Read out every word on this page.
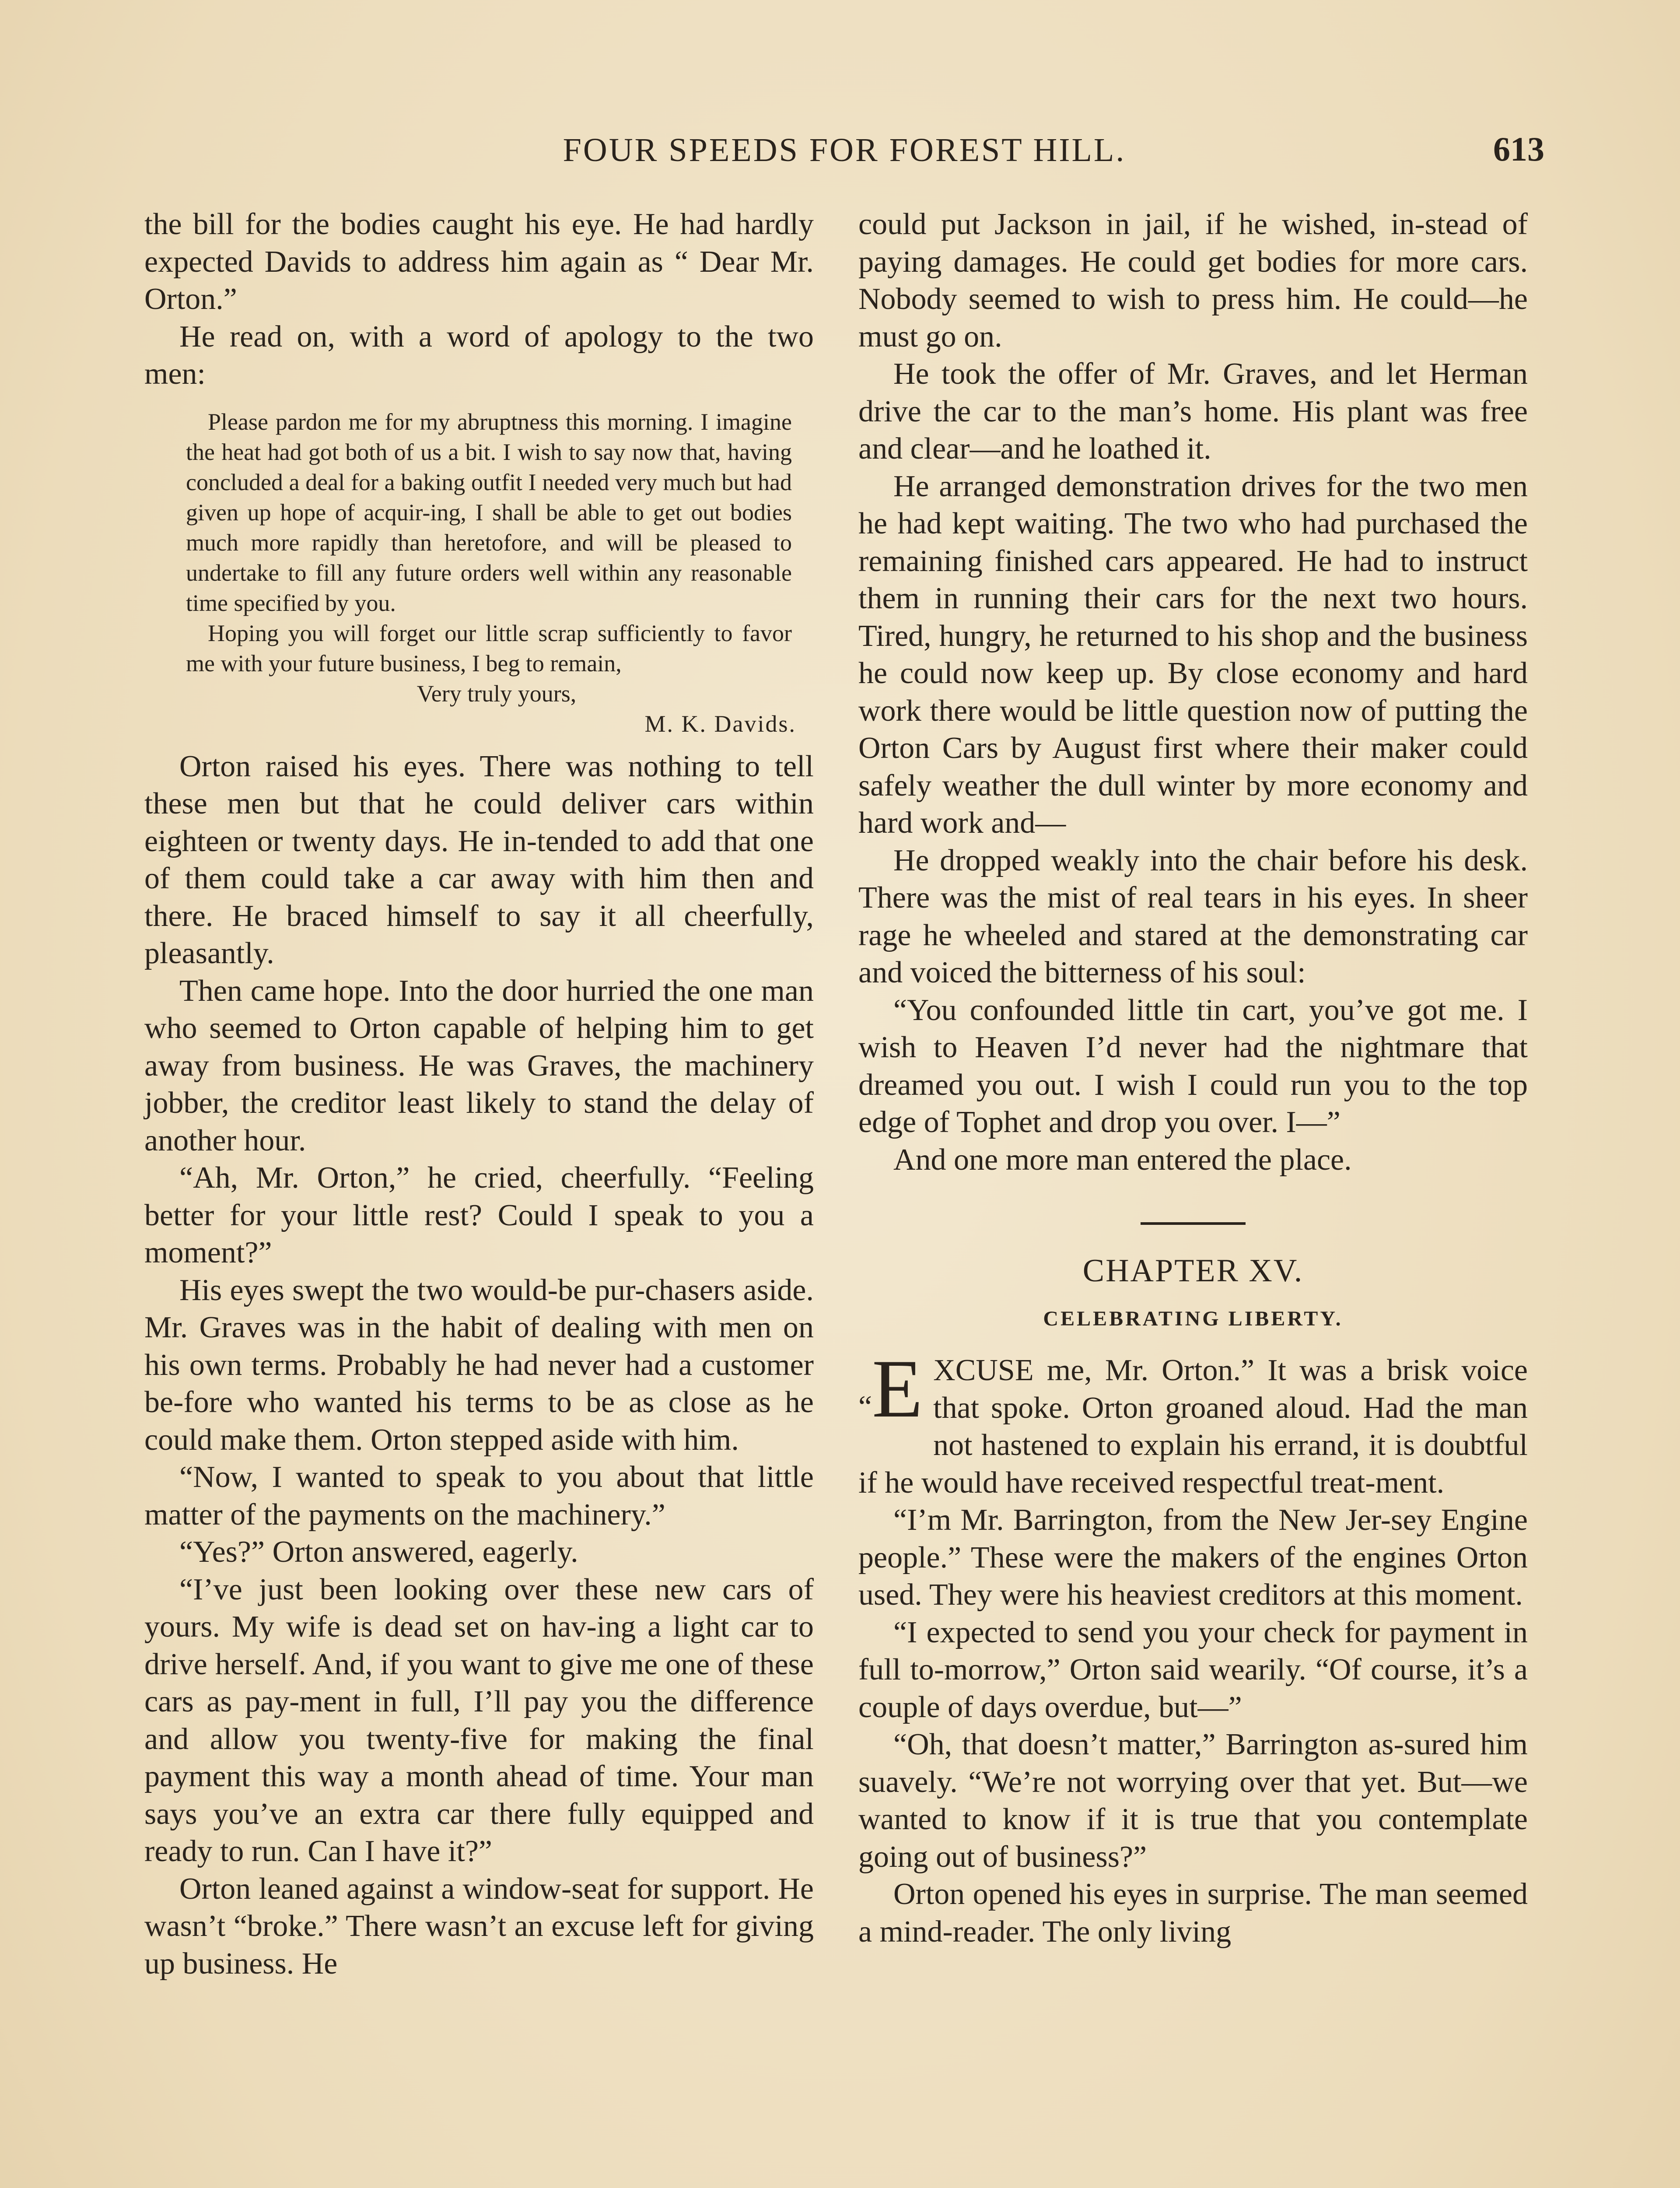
FOUR SPEEDS FOR FOREST HILL.	613

the bill for the bodies caught his eye. He had hardly expected Davids to address him again as “ Dear Mr. Orton.”

He read on, with a word of apology to the two men:

Please pardon me for my abruptness this morning. I imagine the heat had got both of us a bit. I wish to say now that, having concluded a deal for a baking outfit I needed very much but had given up hope of acquir-ing, I shall be able to get out bodies much more rapidly than heretofore, and will be pleased to undertake to fill any future orders well within any reasonable time specified by you.

Hoping you will forget our little scrap sufficiently to favor me with your future business, I beg to remain,

Very truly yours,
M. K. Davids.

Orton raised his eyes. There was nothing to tell these men but that he could deliver cars within eighteen or twenty days. He in-tended to add that one of them could take a car away with him then and there. He braced himself to say it all cheerfully, pleasantly.

Then came hope. Into the door hurried the one man who seemed to Orton capable of helping him to get away from business. He was Graves, the machinery jobber, the creditor least likely to stand the delay of another hour.

“Ah, Mr. Orton,” he cried, cheerfully. “Feeling better for your little rest? Could I speak to you a moment?”

His eyes swept the two would-be pur-chasers aside. Mr. Graves was in the habit of dealing with men on his own terms. Probably he had never had a customer be-fore who wanted his terms to be as close as he could make them. Orton stepped aside with him.

“Now, I wanted to speak to you about that little matter of the payments on the machinery.”

“Yes?” Orton answered, eagerly.

“I’ve just been looking over these new cars of yours. My wife is dead set on hav-ing a light car to drive herself. And, if you want to give me one of these cars as pay-ment in full, I’ll pay you the difference and allow you twenty-five for making the final payment this way a month ahead of time. Your man says you’ve an extra car there fully equipped and ready to run. Can I have it?”

Orton leaned against a window-seat for support. He wasn’t “broke.” There wasn’t an excuse left for giving up business. He

could put Jackson in jail, if he wished, in-stead of paying damages. He could get bodies for more cars. Nobody seemed to wish to press him. He could—he must go on.

He took the offer of Mr. Graves, and let Herman drive the car to the man’s home. His plant was free and clear—and he loathed it.

He arranged demonstration drives for the two men he had kept waiting. The two who had purchased the remaining finished cars appeared. He had to instruct them in running their cars for the next two hours. Tired, hungry, he returned to his shop and the business he could now keep up. By close economy and hard work there would be little question now of putting the Orton Cars by August first where their maker could safely weather the dull winter by more economy and hard work and—

He dropped weakly into the chair before his desk. There was the mist of real tears in his eyes. In sheer rage he wheeled and stared at the demonstrating car and voiced the bitterness of his soul:

“You confounded little tin cart, you’ve got me. I wish to Heaven I’d never had the nightmare that dreamed you out. I wish I could run you to the top edge of Tophet and drop you over. I—”

And one more man entered the place.

CHAPTER XV.
CELEBRATING LIBERTY.

“E XCUSE me, Mr. Orton.” It was a brisk voice that spoke. Orton groaned aloud. Had the man not hastened to explain his errand, it is doubtful if he would have received respectful treat-ment.

“I’m Mr. Barrington, from the New Jer-sey Engine people.” These were the makers of the engines Orton used. They were his heaviest creditors at this moment.

“I expected to send you your check for payment in full to-morrow,” Orton said wearily. “Of course, it’s a couple of days overdue, but—”

“Oh, that doesn’t matter,” Barrington as-sured him suavely. “We’re not worrying over that yet. But—we wanted to know if it is true that you contemplate going out of business?”

Orton opened his eyes in surprise. The man seemed a mind-reader. The only living
